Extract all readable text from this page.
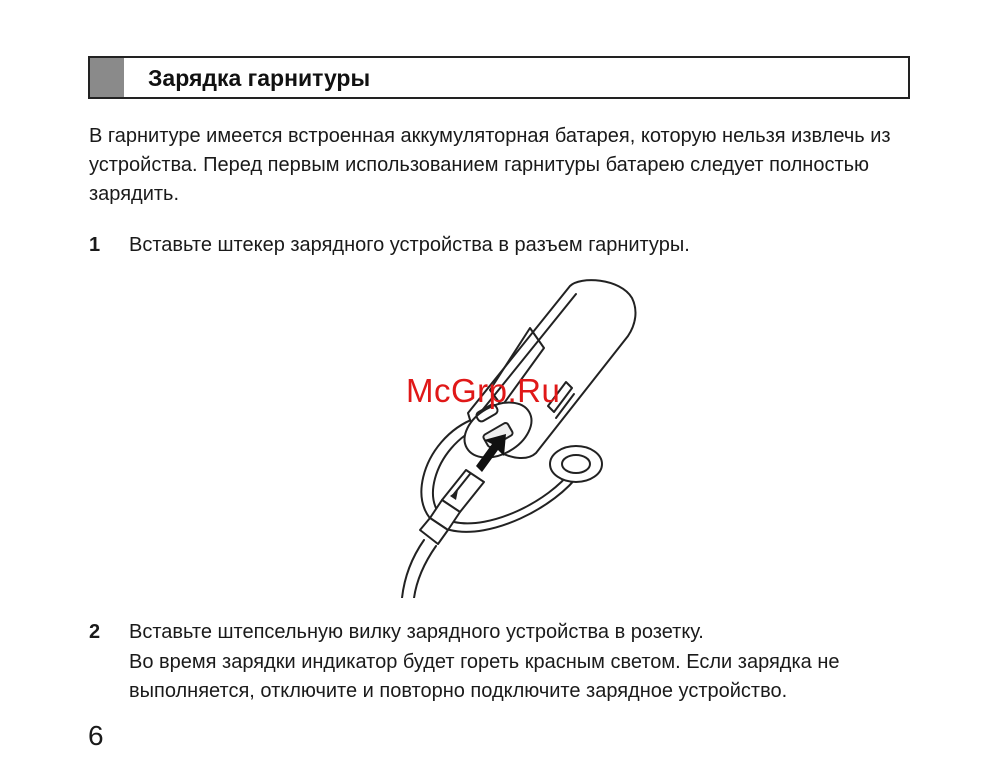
Зарядка гарнитуры

В гарнитуре имеется встроенная аккумуляторная батарея, которую нельзя извлечь из устройства. Перед первым использованием гарнитуры батарею следует полностью зарядить.

1 Вставьте штекер зарядного устройства в разъем гарнитуры.
McGrp.Ru
2 Вставьте штепсельную вилку зарядного устройства в розетку.

Во время зарядки индикатор будет гореть красным светом. Если зарядка не выполняется, отключите и повторно подключите зарядное устройство.

6
